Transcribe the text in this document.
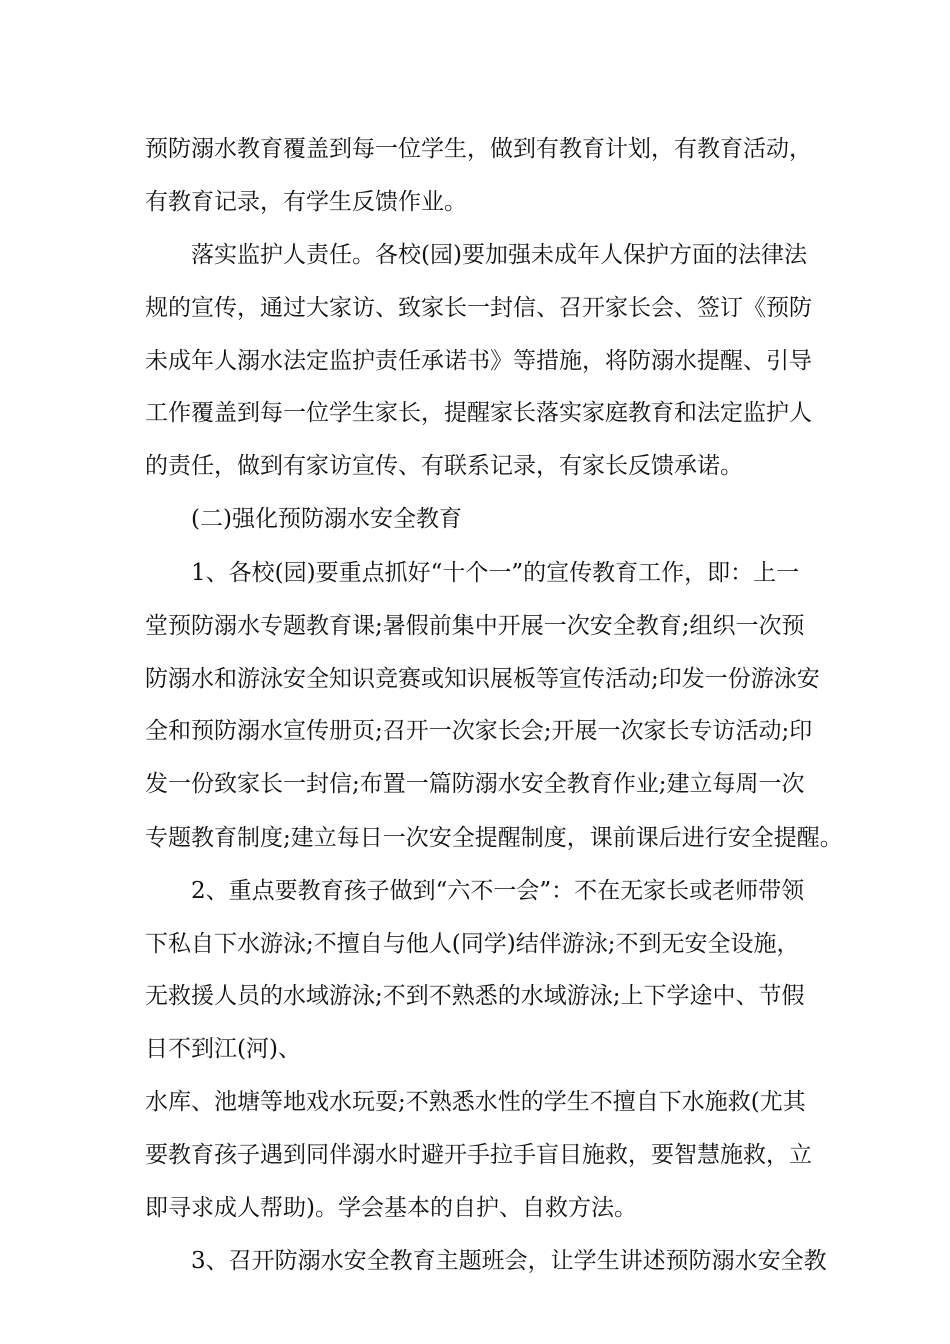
预防溺水教育覆盖到每一位学生，做到有教育计划，有教育活动，
有教育记录，有学生反馈作业。
落实监护人责任。各校(园)要加强未成年人保护方面的法律法
规的宣传，通过大家访、致家长一封信、召开家长会、签订《预防
未成年人溺水法定监护责任承诺书》等措施，将防溺水提醒、引导
工作覆盖到每一位学生家长，提醒家长落实家庭教育和法定监护人
的责任，做到有家访宣传、有联系记录，有家长反馈承诺。
(二)强化预防溺水安全教育
1、各校(园)要重点抓好“十个一”的宣传教育工作，即：上一
堂预防溺水专题教育课;暑假前集中开展一次安全教育;组织一次预
防溺水和游泳安全知识竞赛或知识展板等宣传活动;印发一份游泳安
全和预防溺水宣传册页;召开一次家长会;开展一次家长专访活动;印
发一份致家长一封信;布置一篇防溺水安全教育作业;建立每周一次
专题教育制度;建立每日一次安全提醒制度，课前课后进行安全提醒。
2、重点要教育孩子做到“六不一会”：不在无家长或老师带领
下私自下水游泳;不擅自与他人(同学)结伴游泳;不到无安全设施，
无救援人员的水域游泳;不到不熟悉的水域游泳;上下学途中、节假
日不到江(河)、
水库、池塘等地戏水玩耍;不熟悉水性的学生不擅自下水施救(尤其
要教育孩子遇到同伴溺水时避开手拉手盲目施救，要智慧施救，立
即寻求成人帮助)。学会基本的自护、自救方法。
3、召开防溺水安全教育主题班会，让学生讲述预防溺水安全教
